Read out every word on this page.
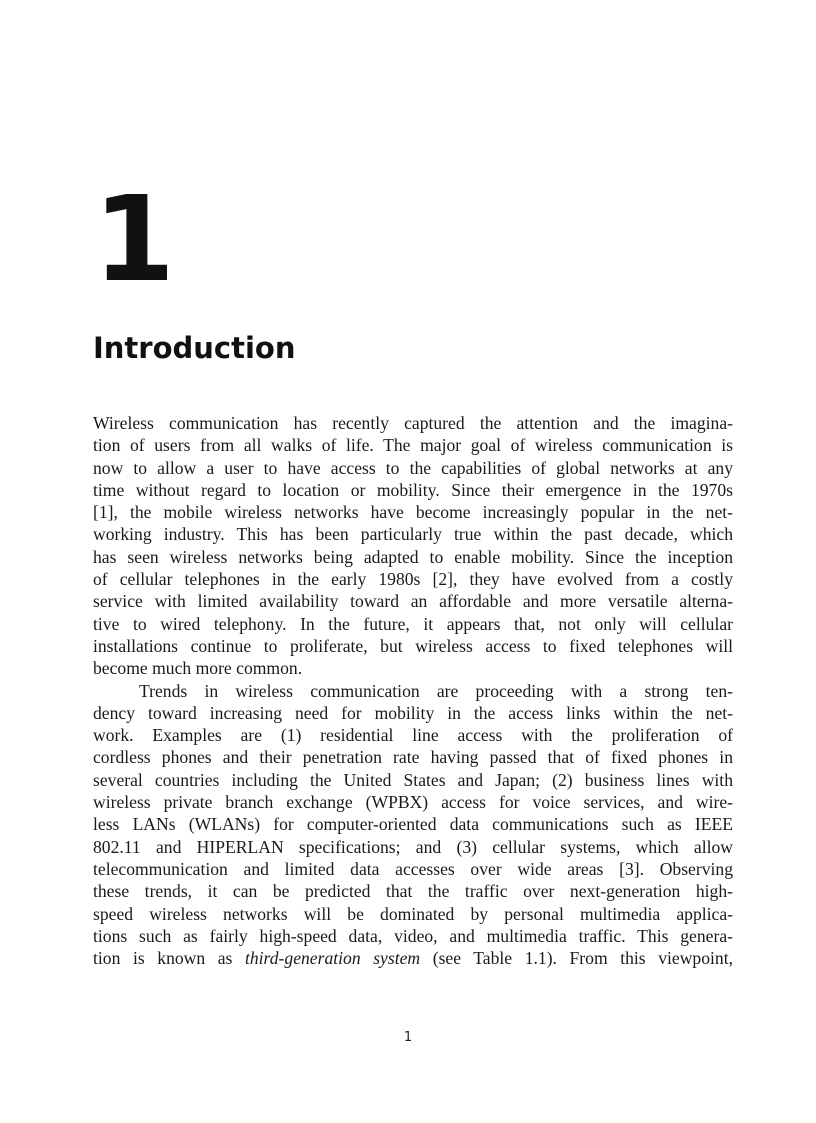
1
Introduction
Wireless communication has recently captured the attention and the imagina-
tion of users from all walks of life. The major goal of wireless communication is
now to allow a user to have access to the capabilities of global networks at any
time without regard to location or mobility. Since their emergence in the 1970s
[1], the mobile wireless networks have become increasingly popular in the net-
working industry. This has been particularly true within the past decade, which
has seen wireless networks being adapted to enable mobility. Since the inception
of cellular telephones in the early 1980s [2], they have evolved from a costly
service with limited availability toward an affordable and more versatile alterna-
tive to wired telephony. In the future, it appears that, not only will cellular
installations continue to proliferate, but wireless access to fixed telephones will
become much more common.
Trends in wireless communication are proceeding with a strong ten-
dency toward increasing need for mobility in the access links within the net-
work. Examples are (1) residential line access with the proliferation of
cordless phones and their penetration rate having passed that of fixed phones in
several countries including the United States and Japan; (2) business lines with
wireless private branch exchange (WPBX) access for voice services, and wire-
less LANs (WLANs) for computer-oriented data communications such as IEEE
802.11 and HIPERLAN specifications; and (3) cellular systems, which allow
telecommunication and limited data accesses over wide areas [3]. Observing
these trends, it can be predicted that the traffic over next-generation high-
speed wireless networks will be dominated by personal multimedia applica-
tions such as fairly high-speed data, video, and multimedia traffic. This genera-
tion is known as third-generation system (see Table 1.1). From this viewpoint,
1
